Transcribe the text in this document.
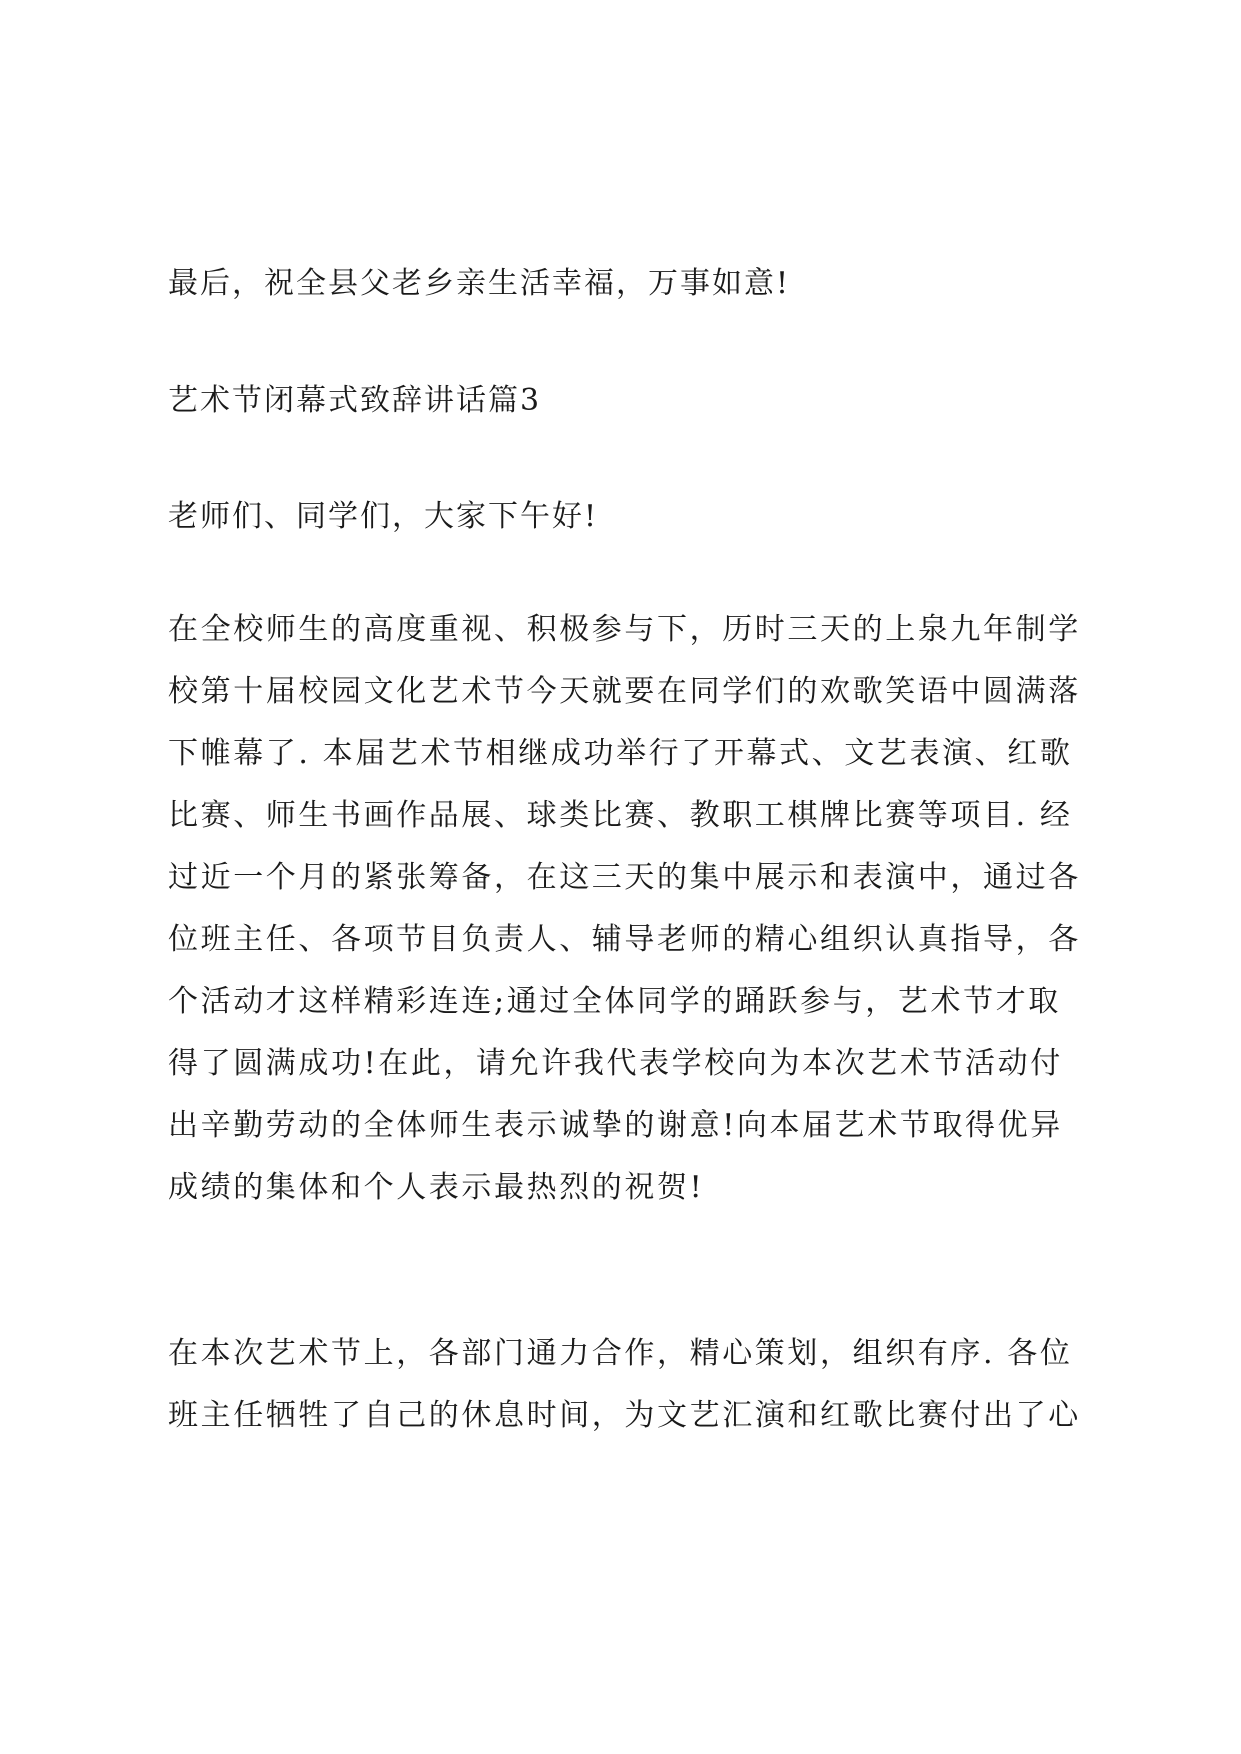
最后，祝全县父老乡亲生活幸福，万事如意!

艺术节闭幕式致辞讲话篇3

老师们、同学们，大家下午好!

在全校师生的高度重视、积极参与下，历时三天的上泉九年制学
校第十届校园文化艺术节今天就要在同学们的欢歌笑语中圆满落
下帷幕了. 本届艺术节相继成功举行了开幕式、文艺表演、红歌
比赛、师生书画作品展、球类比赛、教职工棋牌比赛等项目. 经
过近一个月的紧张筹备，在这三天的集中展示和表演中，通过各
位班主任、各项节目负责人、辅导老师的精心组织认真指导，各
个活动才这样精彩连连;通过全体同学的踊跃参与，艺术节才取
得了圆满成功!在此，请允许我代表学校向为本次艺术节活动付
出辛勤劳动的全体师生表示诚挚的谢意!向本届艺术节取得优异
成绩的集体和个人表示最热烈的祝贺!
在本次艺术节上，各部门通力合作，精心策划，组织有序. 各位
班主任牺牲了自己的休息时间，为文艺汇演和红歌比赛付出了心
